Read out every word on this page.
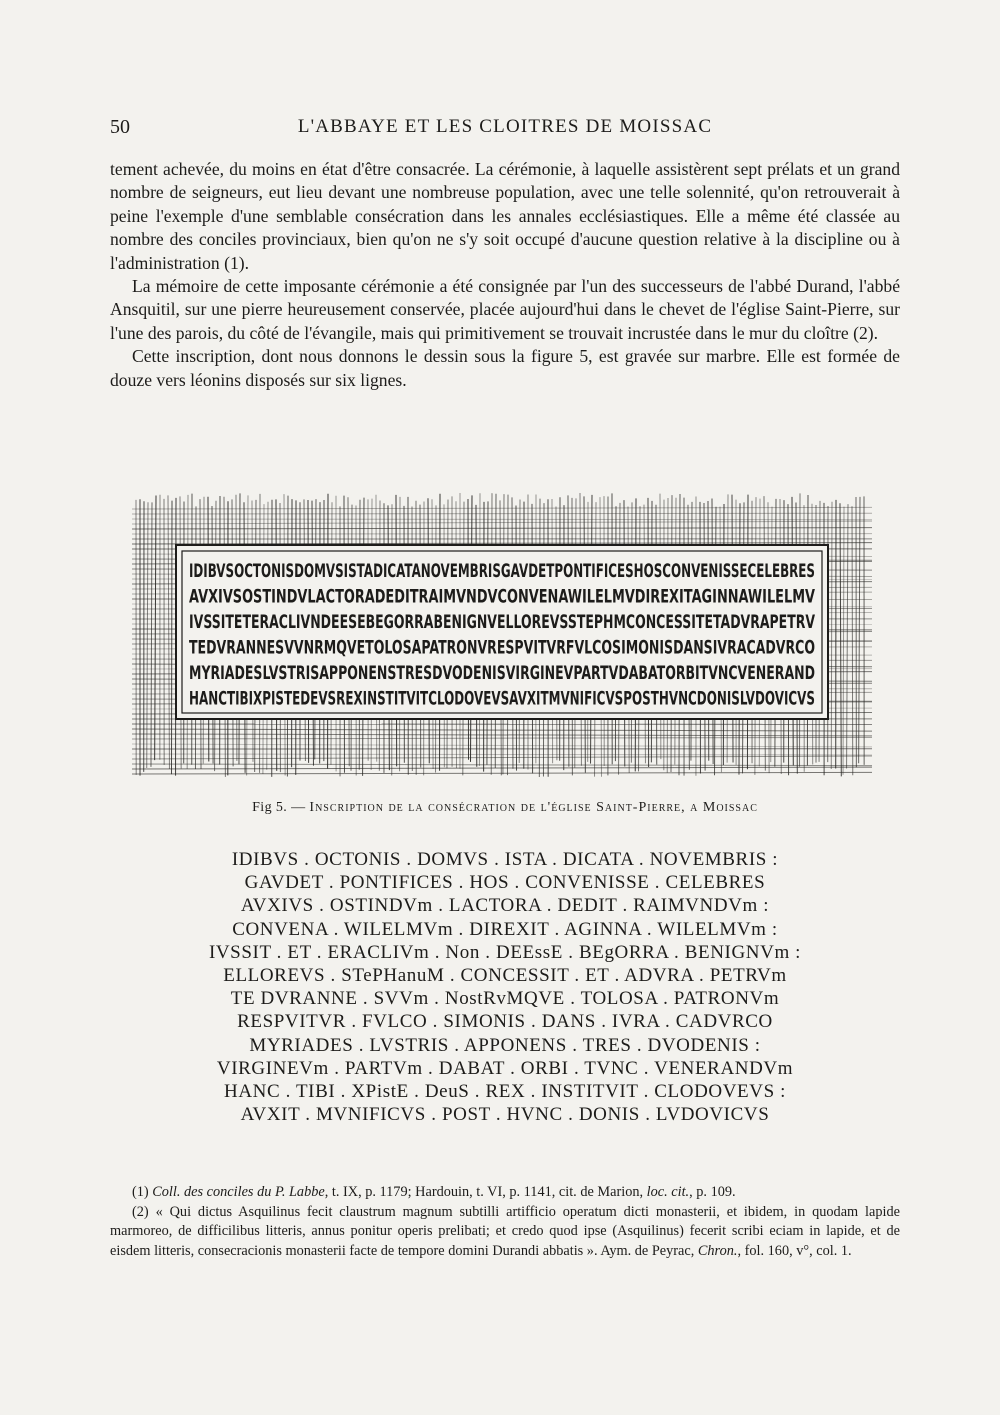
50	L'ABBAYE ET LES CLOITRES DE MOISSAC

tement achevée, du moins en état d'être consacrée. La cérémonie, à laquelle assistèrent sept prélats et un grand nombre de seigneurs, eut lieu devant une nombreuse population, avec une telle solennité, qu'on retrouverait à peine l'exemple d'une semblable consécration dans les annales ecclésiastiques. Elle a même été classée au nombre des conciles provinciaux, bien qu'on ne s'y soit occupé d'aucune question relative à la discipline ou à l'administration (1).

La mémoire de cette imposante cérémonie a été consignée par l'un des successeurs de l'abbé Durand, l'abbé Ansquitil, sur une pierre heureusement conservée, placée aujourd'hui dans le chevet de l'église Saint-Pierre, sur l'une des parois, du côté de l'évangile, mais qui primitivement se trouvait incrustée dans le mur du cloître (2).

Cette inscription, dont nous donnons le dessin sous la figure 5, est gravée sur marbre. Elle est formée de douze vers léonins disposés sur six lignes.

IDIBVSOCTONISDOMVSISTADICATANOVEMBRISGAVDETPONTIFICESHOSCONVENISSECELEBRES
AVXIVSOSTINDVLACTORADEDITRAIMVNDVCONVENAWILELMVDIREXITAGINNAWILELMV
IVSSITETERACLIVNDEESEBEGORRABENIGNVELLOREVSSTEPHMCONCESSITETADVRAPETRV
TEDVRANNESVVNRMQVETOLOSAPATRONVRESPVITVRFVLCOSIMONISDANSIVRACADVRCO
MYRIADESLVSTRISAPPONENSTRESDVODENISVIRGINEVPARTVDABATORBITVNCVENERAND
HANCTIBIXPISTEDEVSREXINSTITVITCLODOVEVSAVXITMVNIFICVSPOSTHVNCDONISLVDOVICVS
Fig 5. — Inscription de la consécration de l'église Saint-Pierre, a Moissac
IDIBVS . OCTONIS . DOMVS . ISTA . DICATA . NOVEMBRIS :
GAVDET . PONTIFICES . HOS . CONVENISSE . CELEBRES
AVXIVS . OSTINDVm . LACTORA . DEDIT . RAIMVNDVm :
CONVENA . WILELMVm . DIREXIT . AGINNA . WILELMVm :
IVSSIT . ET . ERACLIVm . Non . DEEssE . BEgORRA . BENIGNVm :
ELLOREVS . STePHanuM . CONCESSIT . ET . ADVRA . PETRVm
TE DVRANNE . SVVm . NostRvMQVE . TOLOSA . PATRONVm
RESPVITVR . FVLCO . SIMONIS . DANS . IVRA . CADVRCO
MYRIADES . LVSTRIS . APPONENS . TRES . DVODENIS :
VIRGINEVm . PARTVm . DABAT . ORBI . TVNC . VENERANDVm
HANC . TIBI . XPistE . DeuS . REX . INSTITVIT . CLODOVEVS :
AVXIT . MVNIFICVS . POST . HVNC . DONIS . LVDOVICVS

(1) Coll. des conciles du P. Labbe, t. IX, p. 1179; Hardouin, t. VI, p. 1141, cit. de Marion, loc. cit., p. 109.

(2) « Qui dictus Asquilinus fecit claustrum magnum subtilli artifficio operatum dicti monasterii, et ibidem, in quodam lapide marmoreo, de difficilibus litteris, annus ponitur operis prelibati; et credo quod ipse (Asquilinus) fecerit scribi eciam in lapide, et de eisdem litteris, consecracionis monasterii facte de tempore domini Durandi abbatis ». Aym. de Peyrac, Chron., fol. 160, v°, col. 1.
